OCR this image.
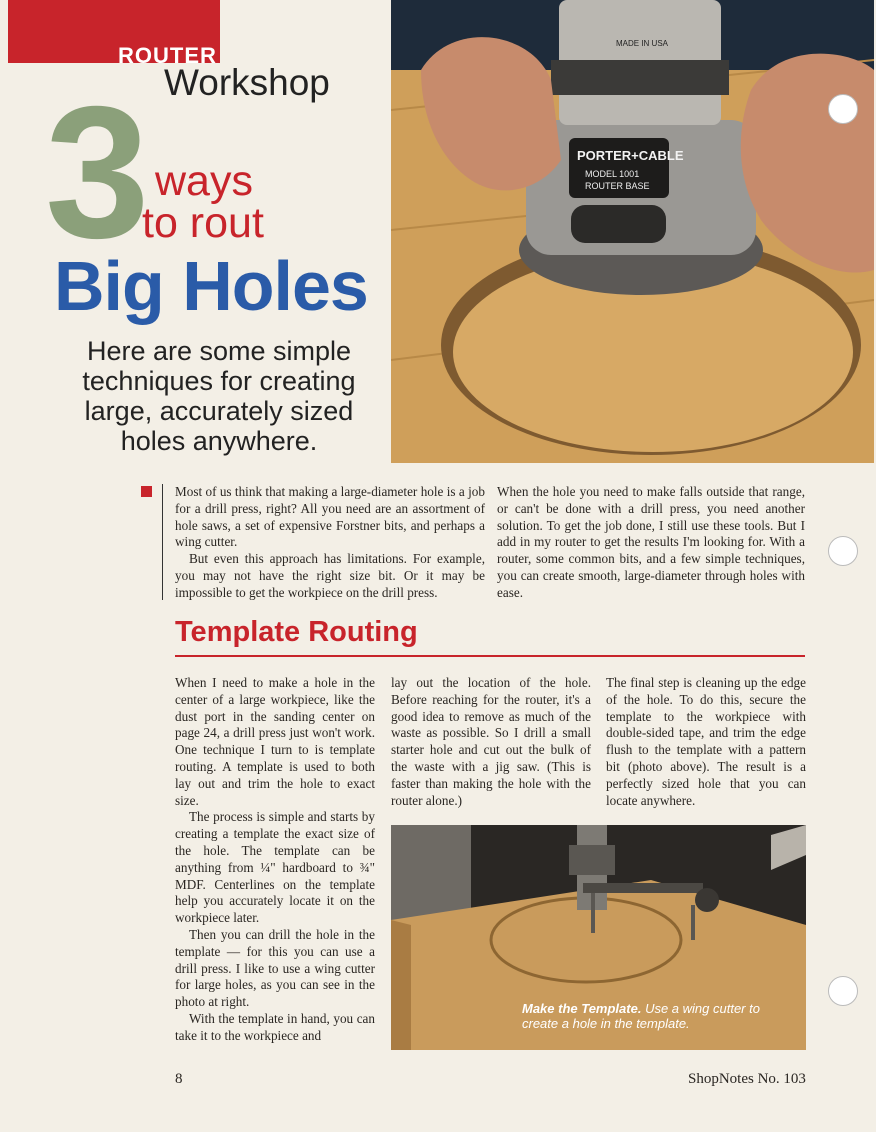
ROUTER
Workshop
3 ways
to rout
Big Holes
Here are some simple techniques for creating large, accurately sized holes anywhere.
PORTER+CABLE
MODEL 1001
ROUTER BASE
MADE IN USA

Most of us think that making a large-diameter hole is a job for a drill press, right? All you need are an assortment of hole saws, a set of expensive Forstner bits, and perhaps a wing cutter.

But even this approach has limitations. For example, you may not have the right size bit. Or it may be impossible to get the workpiece on the drill press.

When the hole you need to make falls outside that range, or can't be done with a drill press, you need another solution. To get the job done, I still use these tools. But I add in my router to get the results I'm looking for. With a router, some common bits, and a few simple techniques, you can create smooth, large-diameter through holes with ease.

Template Routing

When I need to make a hole in the center of a large workpiece, like the dust port in the sanding center on page 24, a drill press just won't work. One technique I turn to is template routing. A template is used to both lay out and trim the hole to exact size.

The process is simple and starts by creating a template the exact size of the hole. The template can be anything from ¼" hardboard to ¾" MDF. Centerlines on the template help you accurately locate it on the workpiece later.

Then you can drill the hole in the template — for this you can use a drill press. I like to use a wing cutter for large holes, as you can see in the photo at right.

With the template in hand, you can take it to the workpiece and

lay out the location of the hole. Before reaching for the router, it's a good idea to remove as much of the waste as possible. So I drill a small starter hole and cut out the bulk of the waste with a jig saw. (This is faster than making the hole with the router alone.)

The final step is cleaning up the edge of the hole. To do this, secure the template to the workpiece with double-sided tape, and trim the edge flush to the template with a pattern bit (photo above). The result is a perfectly sized hole that you can locate anywhere.

Make the Template. Use a wing cutter to create a hole in the template.
8	ShopNotes No. 103
